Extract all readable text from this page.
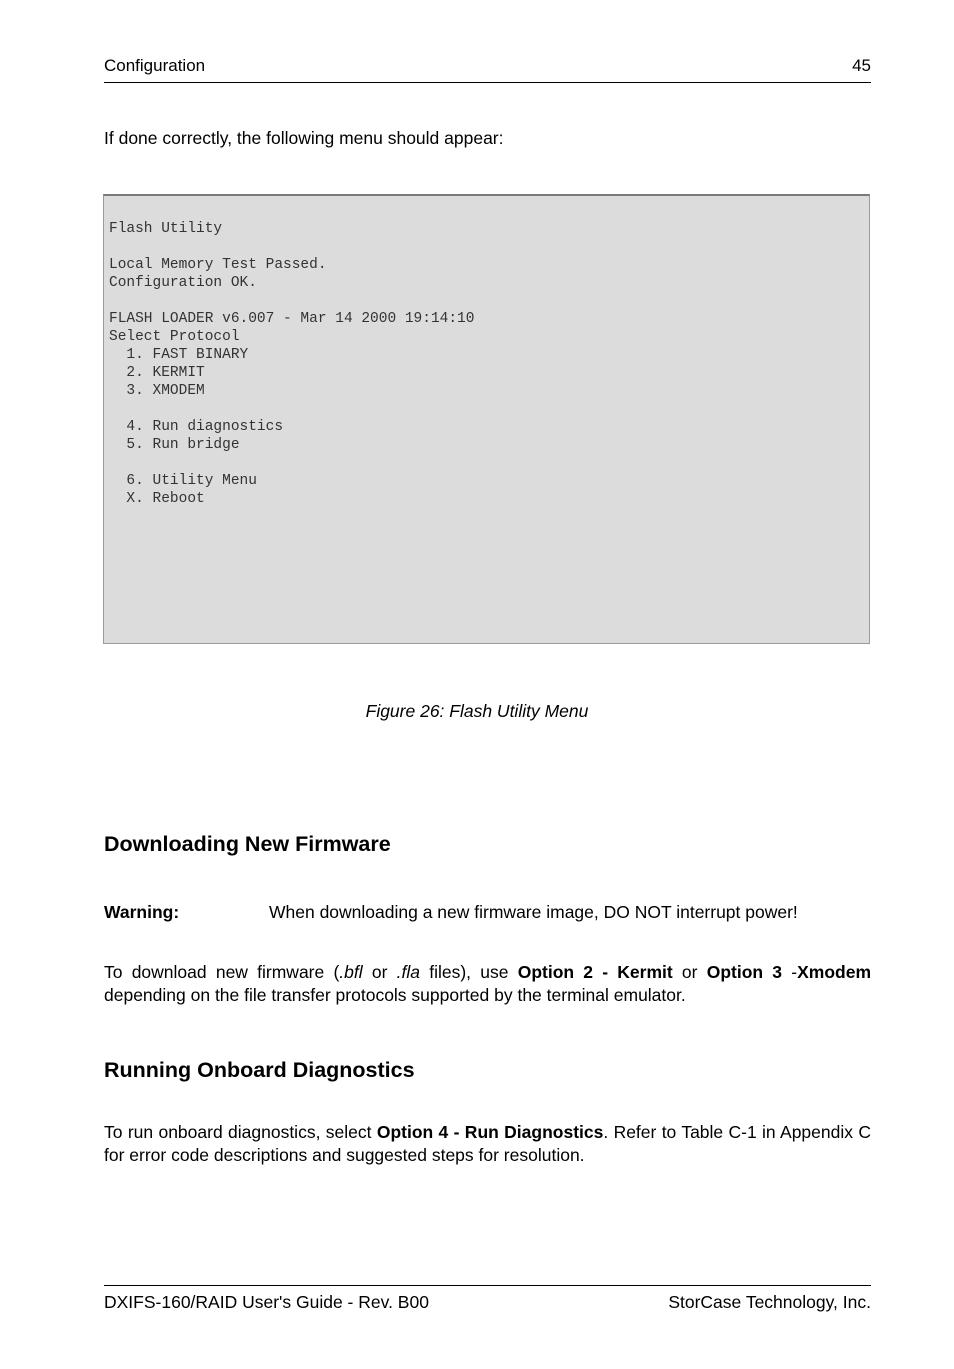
Configuration	45
If done correctly, the following menu should appear:
Flash Utility

Local Memory Test Passed.
Configuration OK.

FLASH LOADER v6.007 - Mar 14 2000 19:14:10
Select Protocol
1. FAST BINARY
2. KERMIT
3. XMODEM

4. Run diagnostics
5. Run bridge

6. Utility Menu
X. Reboot

Figure 26: Flash Utility Menu
Downloading New Firmware
Warning:	When downloading a new firmware image, DO NOT interrupt power!
To download new firmware (.bfl or .fla files), use Option 2 - Kermit or Option 3 -Xmodem depending on the file transfer protocols supported by the terminal emulator.
Running Onboard Diagnostics
To run onboard diagnostics, select Option 4 - Run Diagnostics. Refer to Table C-1 in Appendix C for error code descriptions and suggested steps for resolution.
DXIFS-160/RAID User's Guide - Rev. B00	StorCase Technology, Inc.
